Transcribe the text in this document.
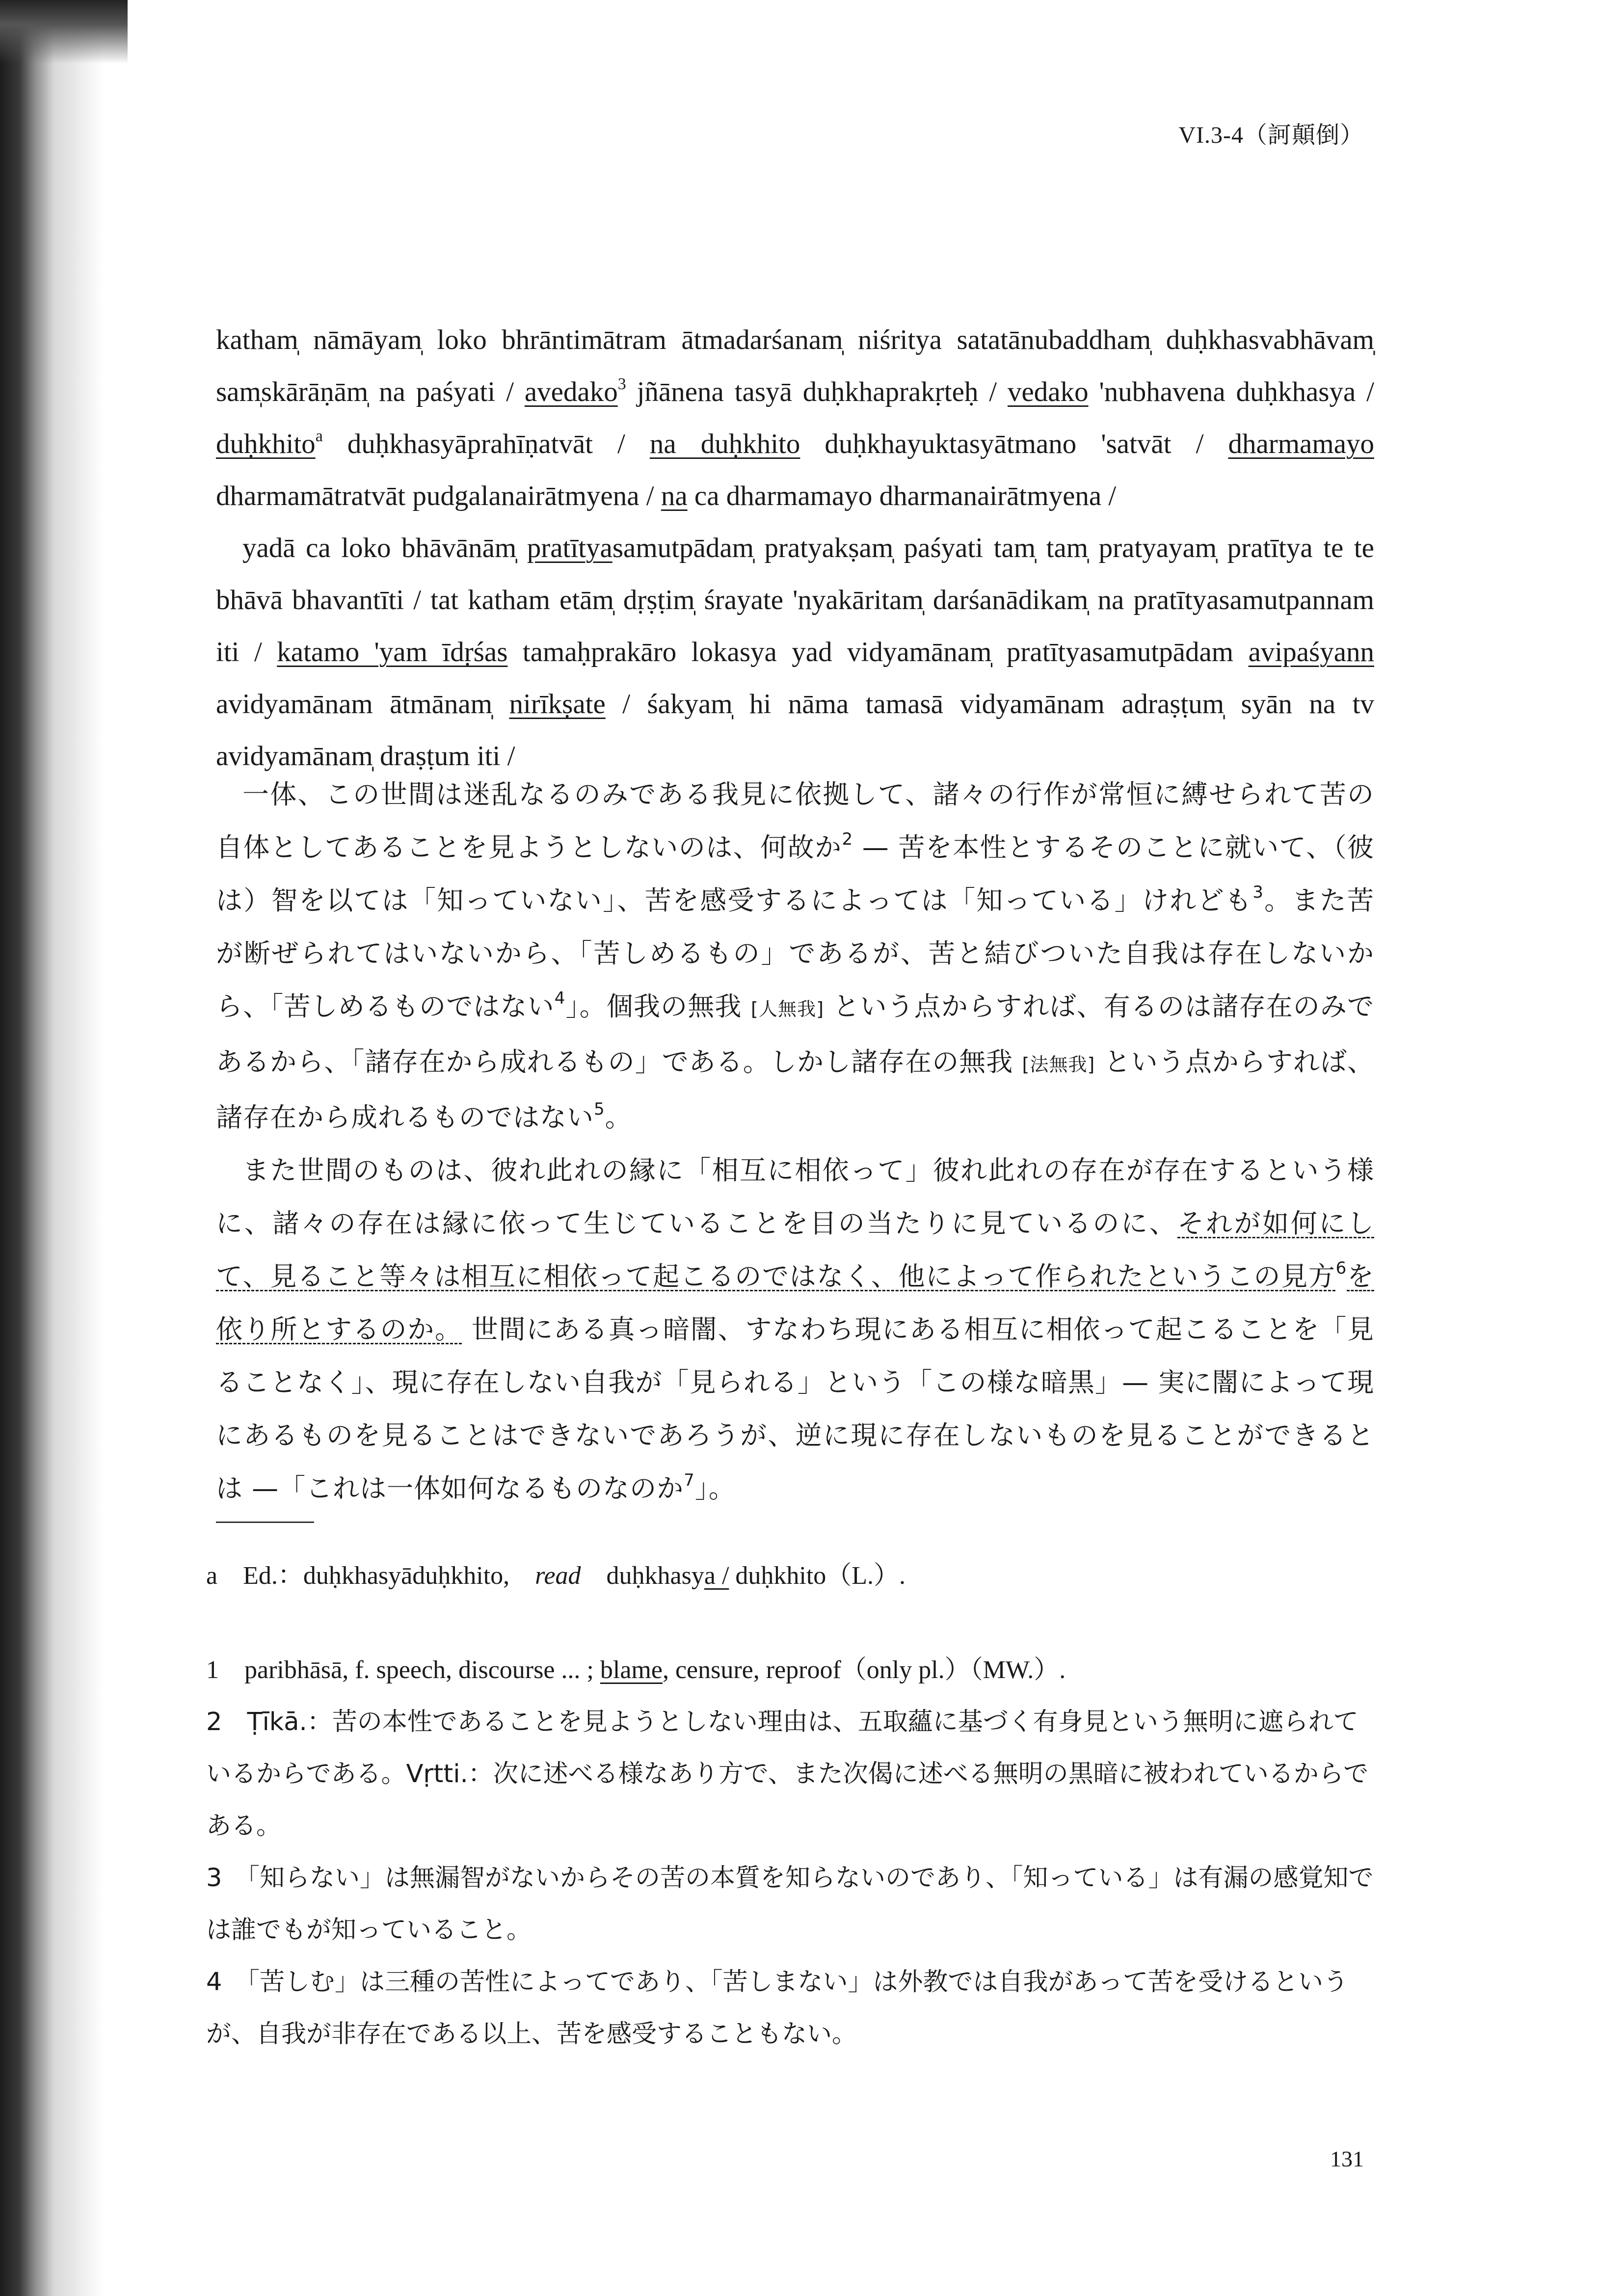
VI.3-4（訶顛倒）

katham̩ nāmāyam̩ loko bhrāntimātram ātmadarśanam̩ niśritya satatānubaddham̩ duḥkhasvabhāvam̩ sam̩skārāṇām̩ na paśyati / avedako$^3$ jñānena tasyā duḥkhaprakṛteḥ / vedako 'nubhavena duḥkhasya / duḥkhito$^a$ duḥkhasyāprahīṇatvāt / na duḥkhito duḥkhayuktasyātmano 'satvāt / dharmamayo dharmamātratvāt pudgalanairātmyena / na ca dharmamayo dharmanairātmyena /

yadā ca loko bhāvānām̩ pratītyasamutpādam̩ pratyakṣam̩ paśyati tam̩ tam̩ pratyayam̩ pratītya te te bhāvā bhavantīti / tat katham etām̩ dṛṣṭim̩ śrayate 'nyakāritam̩ darśanādikam̩ na pratītyasamutpannam iti / katamo 'yam īdṛśas tamaḥprakāro lokasya yad vidyamānam̩ pratītyasamutpādam avipaśyann avidyamānam ātmānam̩ nirīkṣate / śakyam̩ hi nāma tamasā vidyamānam adraṣṭum̩ syān na tv avidyamānam̩ draṣṭum iti /

一体、この世間は迷乱なるのみである我見に依拠して、諸々の行作が常恒に縛せられて苦の自体としてあることを見ようとしないのは、何故か$^2$ — 苦を本性とするそのことに就いて、（彼は）智を以ては「知っていない」、苦を感受するによっては「知っている」けれども$^3$。また苦が断ぜられてはいないから、「苦しめるもの」であるが、苦と結びついた自我は存在しないから、「苦しめるものではない$^4$」。個我の無我 [人無我] という点からすれば、有るのは諸存在のみであるから、「諸存在から成れるもの」である。しかし諸存在の無我 [法無我] という点からすれば、諸存在から成れるものではない$^5$。

また世間のものは、彼れ此れの縁に「相互に相依って」彼れ此れの存在が存在するという様に、諸々の存在は縁に依って生じていることを目の当たりに見ているのに、それが如何にして、見ること等々は相互に相依って起こるのではなく、他によって作られたというこの見方$^6$を依り所とするのか。 世間にある真っ暗闇、すなわち現にある相互に相依って起こることを「見ることなく」、現に存在しない自我が「見られる」という「この様な暗黒」— 実に闇によって現にあるものを見ることはできないであろうが、逆に現に存在しないものを見ることができるとは —「これは一体如何なるものなのか$^7$」。

a　Ed.：duḥkhasyāduḥkhito,　read　duḥkhasya / duḥkhito（L.）.

1　paribhāsā, f. speech, discourse ... ; blame, censure, reproof（only pl.）（MW.）.

2　Ṭīkā.：苦の本性であることを見ようとしない理由は、五取蘊に基づく有身見という無明に遮られているからである。Vṛtti.：次に述べる様なあり方で、また次偈に述べる無明の黒暗に被われているからである。

3　「知らない」は無漏智がないからその苦の本質を知らないのであり、「知っている」は有漏の感覚知では誰でもが知っていること。

4　「苦しむ」は三種の苦性によってであり、「苦しまない」は外教では自我があって苦を受けるというが、自我が非存在である以上、苦を感受することもない。

131
